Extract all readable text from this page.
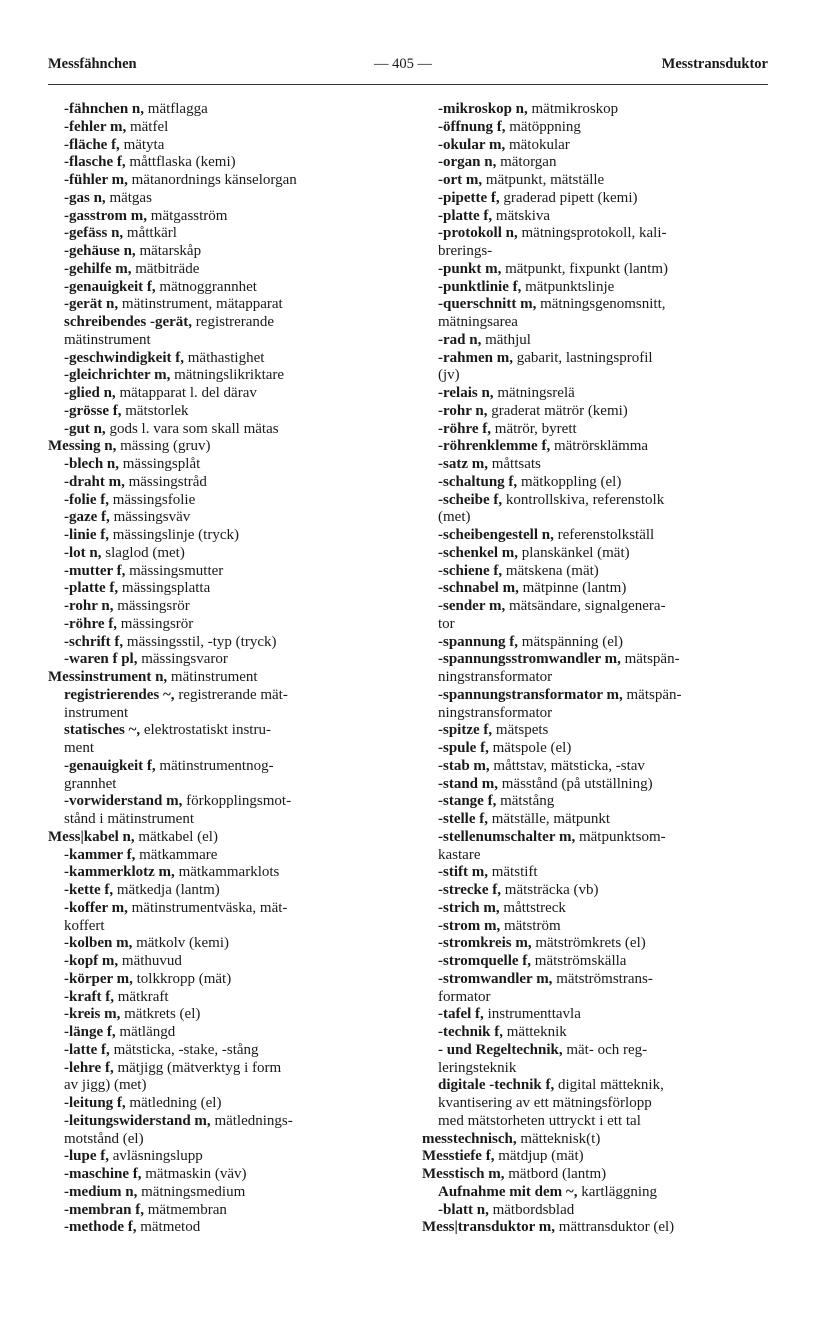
Messfähnchen	— 405 —	Messtransduktor
-fähnchen n, mätflagga
-fehler m, mätfel
-fläche f, mätyta
-flasche f, måttflaska (kemi)
-fühler m, mätanordnings känselorgan
-gas n, mätgas
-gasstrom m, mätgasström
-gefäss n, måttkärl
-gehäuse n, mätarskåp
-gehilfe m, mätbiträde
-genauigkeit f, mätnoggrannhet
-gerät n, mätinstrument, mätapparat
schreibendes -gerät, registrerande
mätinstrument
-geschwindigkeit f, mäthastighet
-gleichrichter m, mätningslikriktare
-glied n, mätapparat l. del därav
-grösse f, mätstorlek
-gut n, gods l. vara som skall mätas
Messing n, mässing (gruv)
-blech n, mässingsplåt
-draht m, mässingstråd
-folie f, mässingsfolie
-gaze f, mässingsväv
-linie f, mässingslinje (tryck)
-lot n, slaglod (met)
-mutter f, mässingsmutter
-platte f, mässingsplatta
-rohr n, mässingsrör
-röhre f, mässingsrör
-schrift f, mässingsstil, -typ (tryck)
-waren f pl, mässingsvaror
Messinstrument n, mätinstrument
registrierendes ~, registrerande mät-
instrument
statisches ~, elektrostatiskt instru-
ment
-genauigkeit f, mätinstrumentnog-
grannhet
-vorwiderstand m, förkopplingsmot-
stånd i mätinstrument
Mess|kabel n, mätkabel (el)
-kammer f, mätkammare
-kammerklotz m, mätkammarklots
-kette f, mätkedja (lantm)
-koffer m, mätinstrumentväska, mät-
koffert
-kolben m, mätkolv (kemi)
-kopf m, mäthuvud
-körper m, tolkkropp (mät)
-kraft f, mätkraft
-kreis m, mätkrets (el)
-länge f, mätlängd
-latte f, mätsticka, -stake, -stång
-lehre f, mätjigg (mätverktyg i form
av jigg) (met)
-leitung f, mätledning (el)
-leitungswiderstand m, mätlednings-
motstånd (el)
-lupe f, avläsningslupp
-maschine f, mätmaskin (väv)
-medium n, mätningsmedium
-membran f, mätmembran
-methode f, mätmetod
-mikroskop n, mätmikroskop
-öffnung f, mätöppning
-okular m, mätokular
-organ n, mätorgan
-ort m, mätpunkt, mätställe
-pipette f, graderad pipett (kemi)
-platte f, mätskiva
-protokoll n, mätningsprotokoll, kali-
brerings-
-punkt m, mätpunkt, fixpunkt (lantm)
-punktlinie f, mätpunktslinje
-querschnitt m, mätningsgenomsnitt,
mätningsarea
-rad n, mäthjul
-rahmen m, gabarit, lastningsprofil
(jv)
-relais n, mätningsrelä
-rohr n, graderat mätrör (kemi)
-röhre f, mätrör, byrett
-röhrenklemme f, mätrörsklämma
-satz m, måttsats
-schaltung f, mätkoppling (el)
-scheibe f, kontrollskiva, referenstolk
(met)
-scheibengestell n, referenstolkställ
-schenkel m, planskänkel (mät)
-schiene f, mätskena (mät)
-schnabel m, mätpinne (lantm)
-sender m, mätsändare, signalgenera-
tor
-spannung f, mätspänning (el)
-spannungsstromwandler m, mätspän-
ningstransformator
-spannungstransformator m, mätspän-
ningstransformator
-spitze f, mätspets
-spule f, mätspole (el)
-stab m, måttstav, mätsticka, -stav
-stand m, mässtånd (på utställning)
-stange f, mätstång
-stelle f, mätställe, mätpunkt
-stellenumschalter m, mätpunktsom-
kastare
-stift m, mätstift
-strecke f, mätsträcka (vb)
-strich m, måttstreck
-strom m, mätström
-stromkreis m, mätströmkrets (el)
-stromquelle f, mätströmskälla
-stromwandler m, mätströmstrans-
formator
-tafel f, instrumenttavla
-technik f, mätteknik
- und Regeltechnik, mät- och reg-
leringsteknik
digitale -technik f, digital mätteknik,
kvantisering av ett mätningsförlopp
med mätstorheten uttryckt i ett tal
messtechnisch, mätteknisk(t)
Messtiefe f, mätdjup (mät)
Messtisch m, mätbord (lantm)
Aufnahme mit dem ~, kartläggning
-blatt n, mätbordsblad
Mess|transduktor m, mättransduktor (el)
